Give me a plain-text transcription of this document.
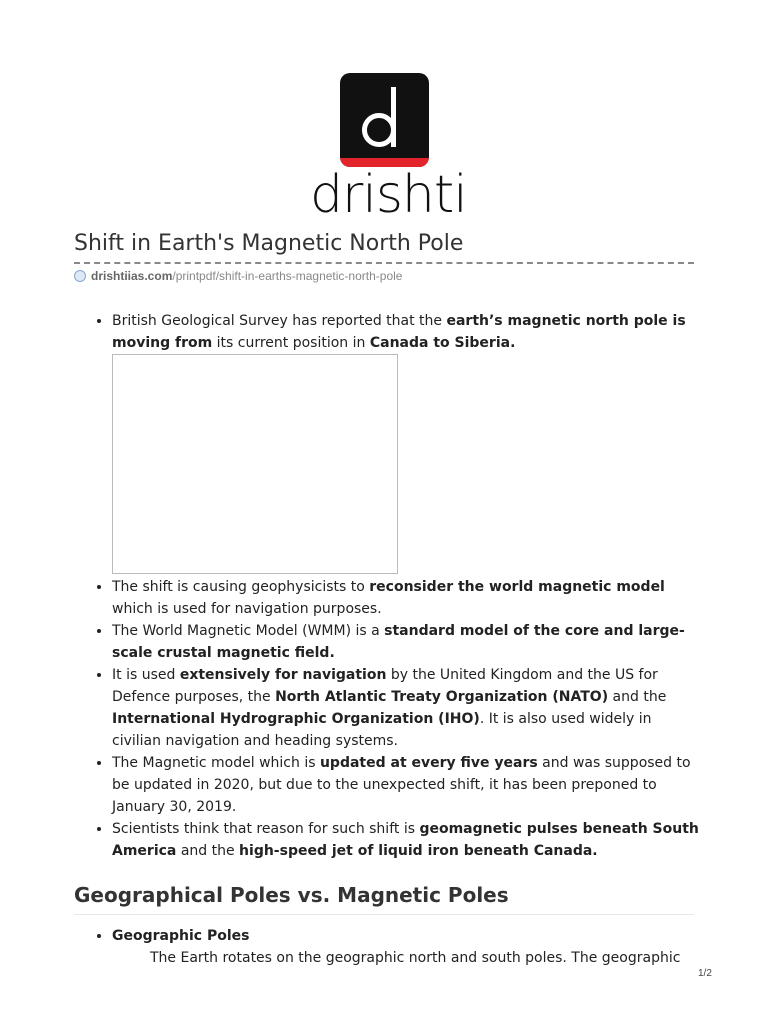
drishti
Shift in Earth's Magnetic North Pole
drishtiias.com /printpdf/shift-in-earths-magnetic-north-pole
• British Geological Survey has reported that the earth’s magnetic north pole is moving from its current position in Canada to Siberia.
• The shift is causing geophysicists to reconsider the world magnetic model which is used for navigation purposes.
• The World Magnetic Model (WMM) is a standard model of the core and large-scale crustal magnetic field.
• It is used extensively for navigation by the United Kingdom and the US for Defence purposes, the North Atlantic Treaty Organization (NATO) and the International Hydrographic Organization (IHO). It is also used widely in civilian navigation and heading systems.
• The Magnetic model which is updated at every five years and was supposed to be updated in 2020, but due to the unexpected shift, it has been preponed to January 30, 2019.
• Scientists think that reason for such shift is geomagnetic pulses beneath South America and the high-speed jet of liquid iron beneath Canada.
Geographical Poles vs. Magnetic Poles
• Geographic Poles
The Earth rotates on the geographic north and south poles. The geographic
1/2
